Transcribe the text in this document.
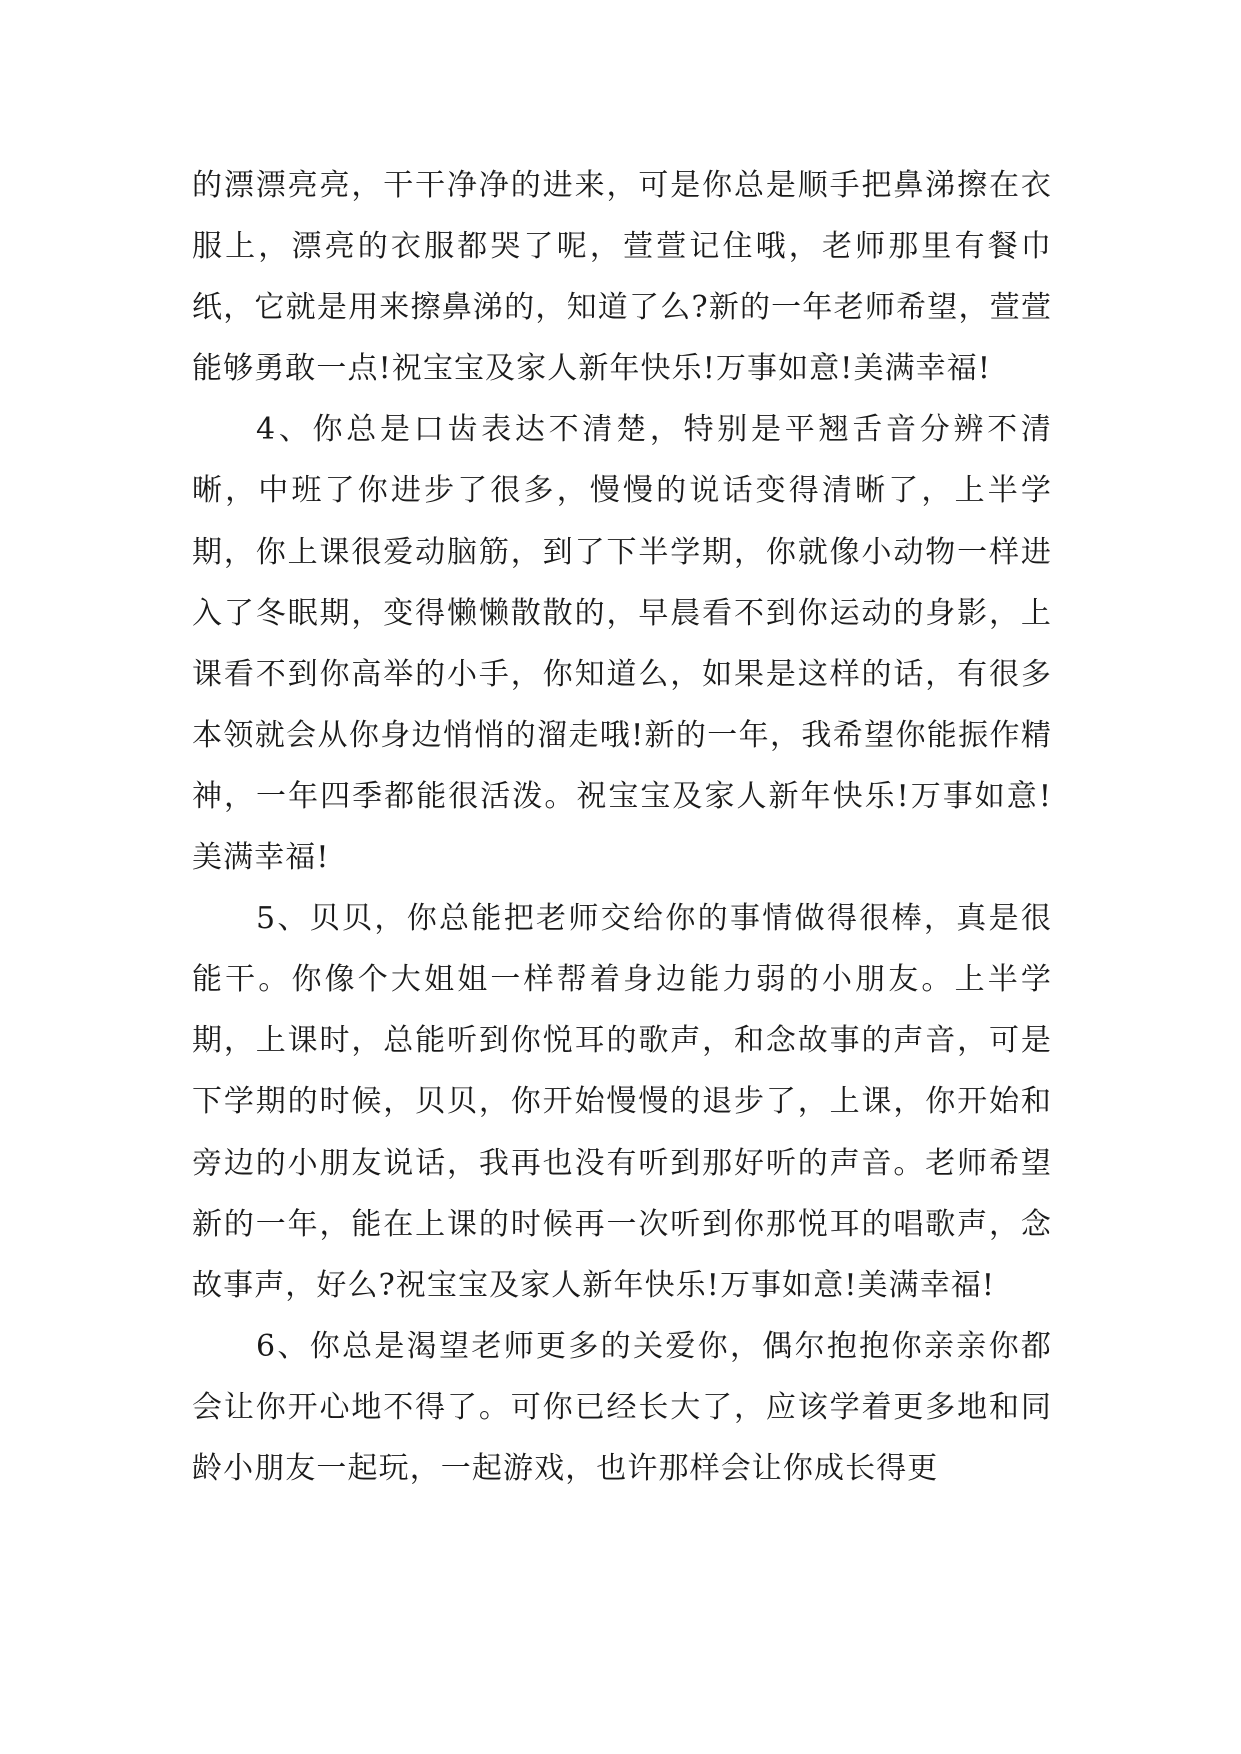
的漂漂亮亮，干干净净的进来，可是你总是顺手把鼻涕擦在衣服上，漂亮的衣服都哭了呢，萱萱记住哦，老师那里有餐巾纸，它就是用来擦鼻涕的，知道了么?新的一年老师希望，萱萱能够勇敢一点!祝宝宝及家人新年快乐!万事如意!美满幸福!

4、你总是口齿表达不清楚，特别是平翘舌音分辨不清晰，中班了你进步了很多，慢慢的说话变得清晰了，上半学期，你上课很爱动脑筋，到了下半学期，你就像小动物一样进入了冬眠期，变得懒懒散散的，早晨看不到你运动的身影，上课看不到你高举的小手，你知道么，如果是这样的话，有很多本领就会从你身边悄悄的溜走哦!新的一年，我希望你能振作精神，一年四季都能很活泼。祝宝宝及家人新年快乐!万事如意!美满幸福!

5、贝贝，你总能把老师交给你的事情做得很棒，真是很能干。你像个大姐姐一样帮着身边能力弱的小朋友。上半学期，上课时，总能听到你悦耳的歌声，和念故事的声音，可是下学期的时候，贝贝，你开始慢慢的退步了，上课，你开始和旁边的小朋友说话，我再也没有听到那好听的声音。老师希望新的一年，能在上课的时候再一次听到你那悦耳的唱歌声，念故事声，好么?祝宝宝及家人新年快乐!万事如意!美满幸福!

6、你总是渴望老师更多的关爱你，偶尔抱抱你亲亲你都会让你开心地不得了。可你已经长大了，应该学着更多地和同龄小朋友一起玩，一起游戏，也许那样会让你成长得更
